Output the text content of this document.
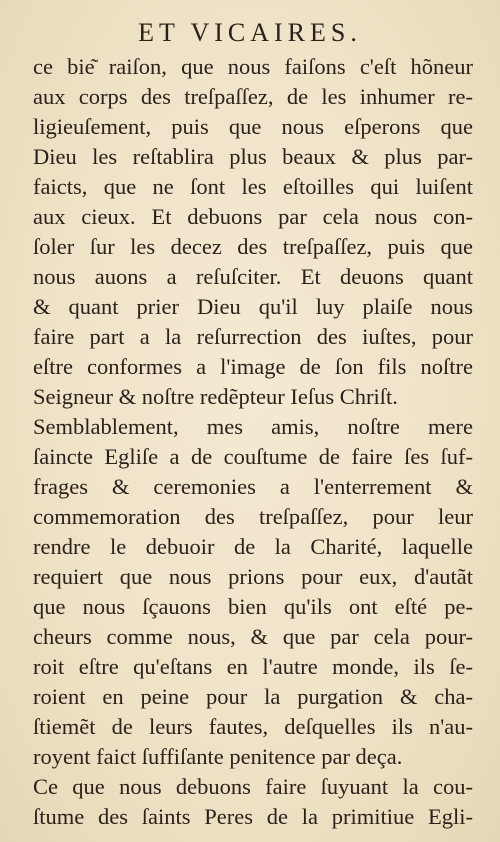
ET VICAIRES.
ce bie͂ raiſon, que nous faiſons c'eſt hõneur
aux corps des treſpaſſez, de les inhumer re-
ligieuſement, puis que nous eſperons que
Dieu les reſtablira plus beaux & plus par-
faicts, que ne ſont les eſtoilles qui luiſent
aux cieux. Et debuons par cela nous con-
ſoler ſur les decez des treſpaſſez, puis que
nous auons a reſuſciter. Et deuons quant
& quant prier Dieu qu'il luy plaiſe nous
faire part a la reſurrection des iuſtes, pour
eſtre conformes a l'image de ſon fils noſtre
Seigneur & noſtre redẽpteur Ieſus Chriſt.
Semblablement, mes amis, noſtre mere
ſaincte Egliſe a de couſtume de faire ſes ſuf-
frages & ceremonies a l'enterrement &
commemoration des treſpaſſez, pour leur
rendre le debuoir de la Charité, laquelle
requiert que nous prions pour eux, d'autãt
que nous ſçauons bien qu'ils ont eſté pe-
cheurs comme nous, & que par cela pour-
roit eſtre qu'eſtans en l'autre monde, ils ſe-
roient en peine pour la purgation & cha-
ſtiemẽt de leurs fautes, deſquelles ils n'au-
royent faict ſuffiſante penitence par deça.
Ce que nous debuons faire ſuyuant la cou-
ſtume des ſaints Peres de la primitiue Egli-
